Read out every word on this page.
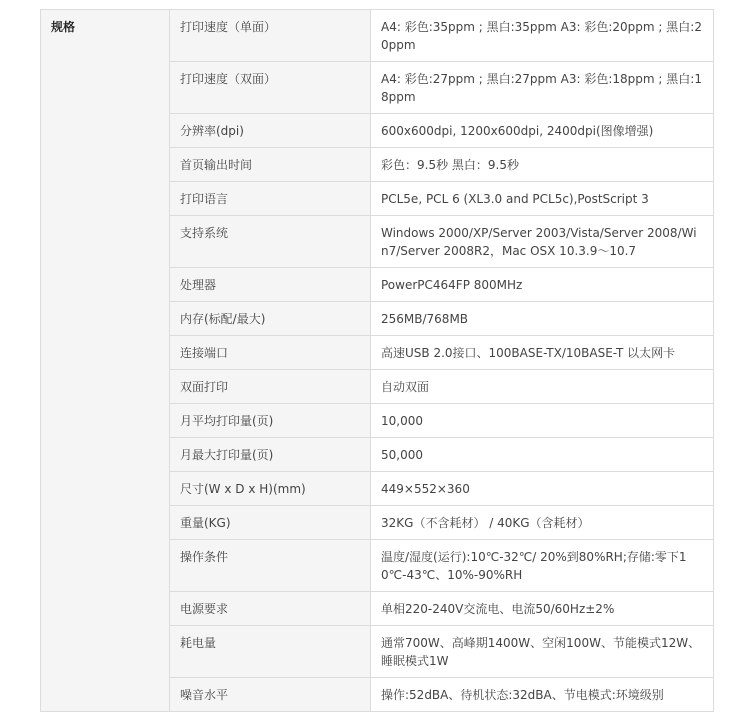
规格	打印速度（单面）	A4: 彩色:35ppm ; 黑白:35ppm A3: 彩色:20ppm ; 黑白:20ppm
	打印速度（双面）	A4: 彩色:27ppm ; 黑白:27ppm A3: 彩色:18ppm ; 黑白:18ppm
	分辨率(dpi)	600x600dpi, 1200x600dpi, 2400dpi(图像增强)
	首页输出时间	彩色：9.5秒 黑白：9.5秒
	打印语言	PCL5e, PCL 6 (XL3.0 and PCL5c),PostScript 3
	支持系统	Windows 2000/XP/Server 2003/Vista/Server 2008/Win7/Server 2008R2，Mac OSX 10.3.9～10.7
	处理器	PowerPC464FP 800MHz
	内存(标配/最大)	256MB/768MB
	连接端口	高速USB 2.0接口、100BASE-TX/10BASE-T 以太网卡
	双面打印	自动双面
	月平均打印量(页)	10,000
	月最大打印量(页)	50,000
	尺寸(W x D x H)(mm)	449×552×360
	重量(KG)	32KG（不含耗材） / 40KG（含耗材）
	操作条件	温度/湿度(运行):10℃-32℃/ 20%到80%RH;存储:零下10℃-43℃、10%-90%RH
	电源要求	单相220-240V交流电、电流50/60Hz±2%
	耗电量	通常700W、高峰期1400W、空闲100W、节能模式12W、睡眠模式1W
	噪音水平	操作:52dBA、待机状态:32dBA、节电模式:环境级别
